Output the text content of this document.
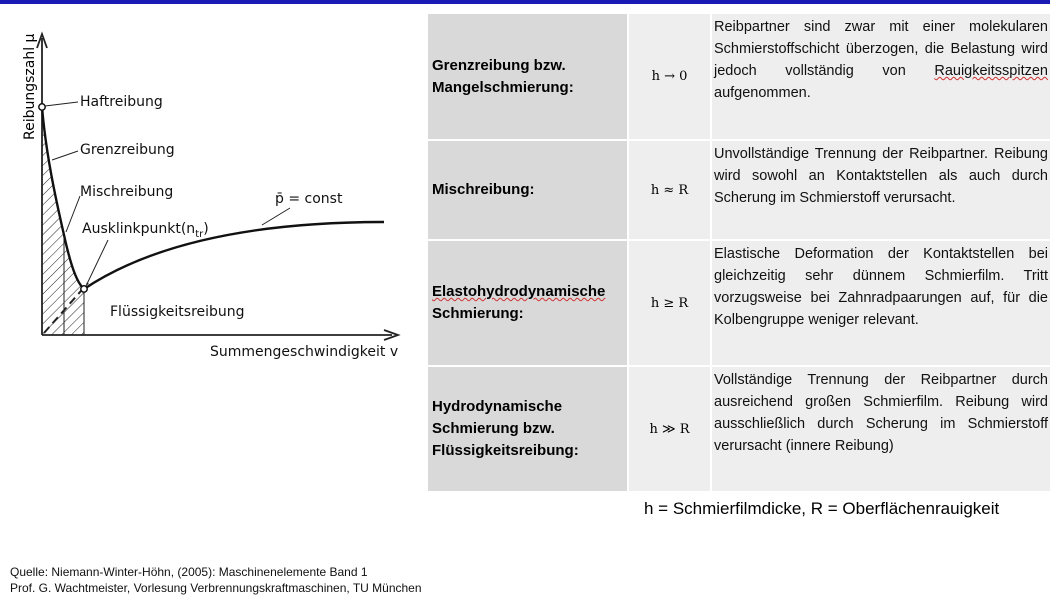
Reibungszahl μ	Haftreibung
Grenzreibung
Mischreibung
$Ausklinkpunkt(n_{tr})$
p̄ = const
Flüssigkeitsreibung
Summengeschwindigkeit v
Grenzreibung bzw.
Mangelschmierung:
h → 0
Reibpartner sind zwar mit einer molekularen Schmierstoffschicht überzogen, die Belastung wird jedoch vollständig von Rauigkeitsspitzen aufgenommen.
Mischreibung:	h ≈ R
Unvollständige Trennung der Reibpartner. Reibung wird sowohl an Kontaktstellen als auch durch Scherung im Schmierstoff verursacht.
Elastohydrodynamische
Schmierung:
h ≥ R
Elastische Deformation der Kontaktstellen bei gleichzeitig sehr dünnem Schmierfilm. Tritt vorzugsweise bei Zahnradpaarungen auf, für die Kolbengruppe weniger relevant.
Hydrodynamische
Schmierung bzw.
Flüssigkeitsreibung:
h ≫ R
Vollständige Trennung der Reibpartner durch ausreichend großen Schmierfilm. Reibung wird ausschließlich durch Scherung im Schmierstoff verursacht (innere Reibung)
h = Schmierfilmdicke, R = Oberflächenrauigkeit
Quelle: Niemann-Winter-Höhn, (2005): Maschinenelemente Band 1
Prof. G. Wachtmeister, Vorlesung Verbrennungskraftmaschinen, TU München
